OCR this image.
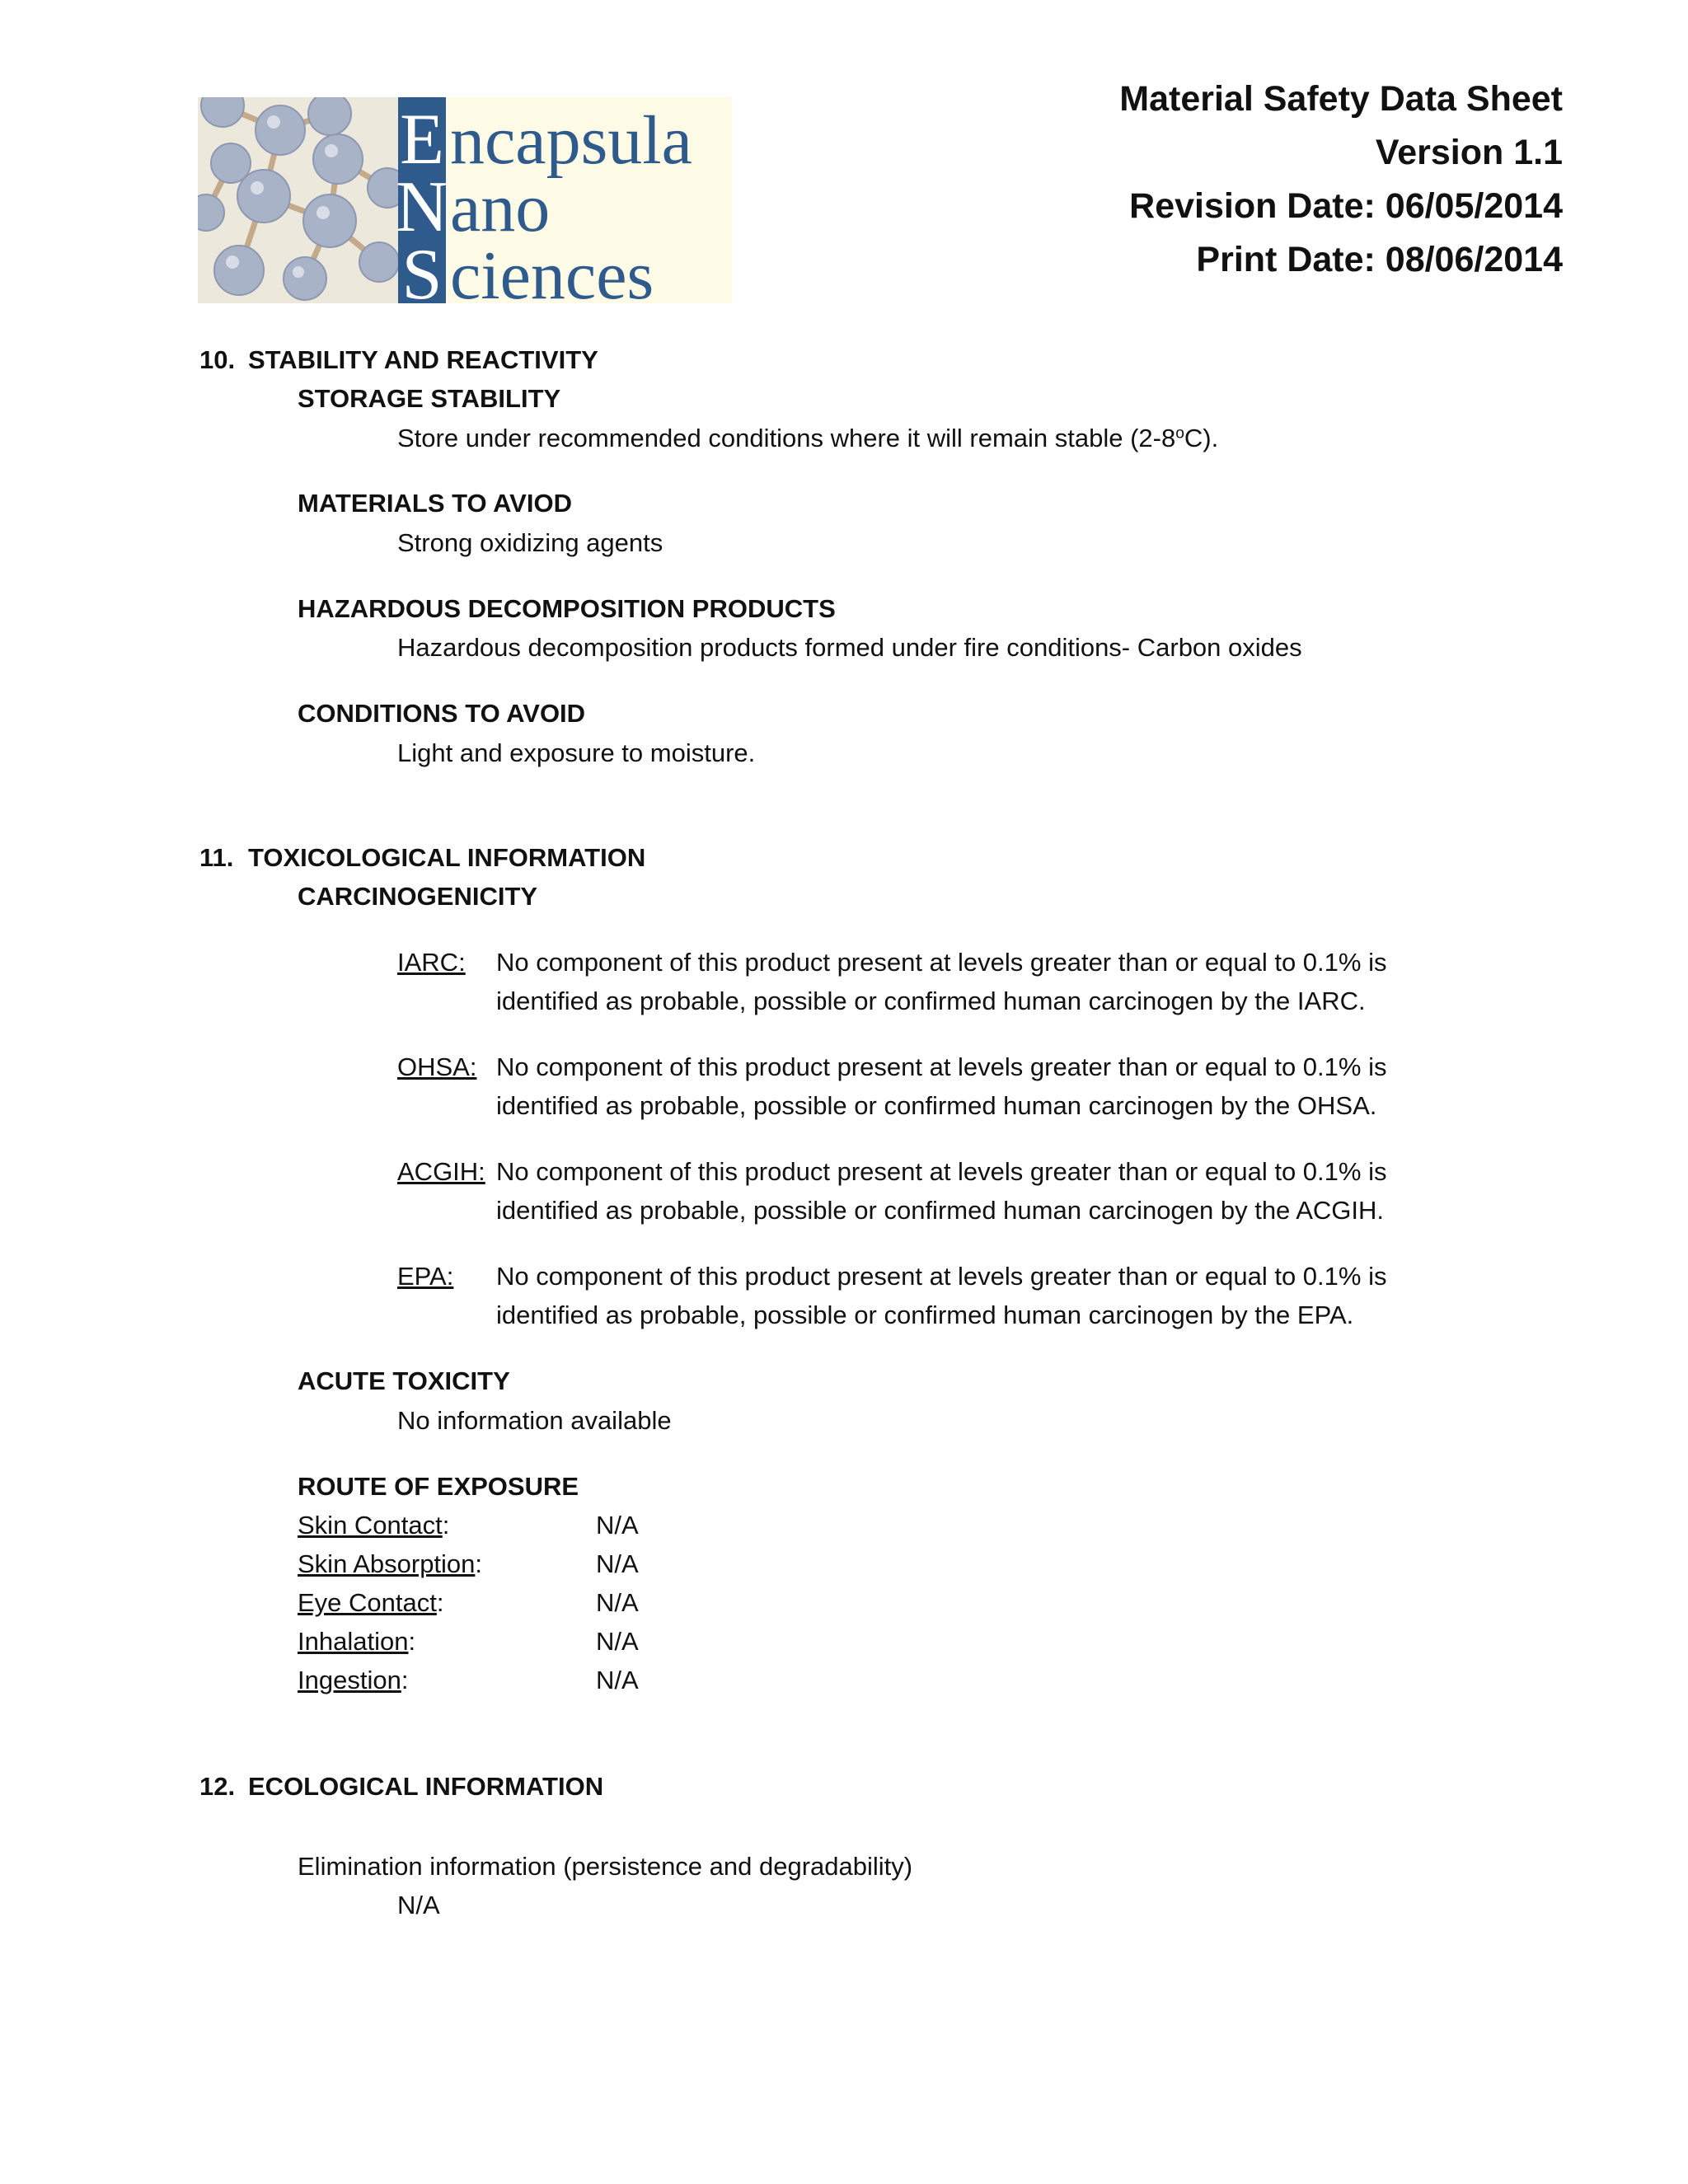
E
N
S
ncapsula
ano
ciences
Material Safety Data Sheet
Version 1.1
Revision Date: 06/05/2014
Print Date: 08/06/2014
10. STABILITY AND REACTIVITY
STORAGE STABILITY
Store under recommended conditions where it will remain stable (2-8$^o$C).
MATERIALS TO AVIOD
Strong oxidizing agents
HAZARDOUS DECOMPOSITION PRODUCTS
Hazardous decomposition products formed under fire conditions- Carbon oxides
CONDITIONS TO AVOID
Light and exposure to moisture.
11. TOXICOLOGICAL INFORMATION
CARCINOGENICITY
IARC: No component of this product present at levels greater than or equal to 0.1% is
identified as probable, possible or confirmed human carcinogen by the IARC.
OHSA: No component of this product present at levels greater than or equal to 0.1% is
identified as probable, possible or confirmed human carcinogen by the OHSA.
ACGIH: No component of this product present at levels greater than or equal to 0.1% is
identified as probable, possible or confirmed human carcinogen by the ACGIH.
EPA: No component of this product present at levels greater than or equal to 0.1% is
identified as probable, possible or confirmed human carcinogen by the EPA.
ACUTE TOXICITY
No information available
ROUTE OF EXPOSURE
Skin Contact:	N/A
Skin Absorption:	N/A
Eye Contact:	N/A
Inhalation:	N/A
Ingestion:	N/A
12. ECOLOGICAL INFORMATION
Elimination information (persistence and degradability)
N/A
